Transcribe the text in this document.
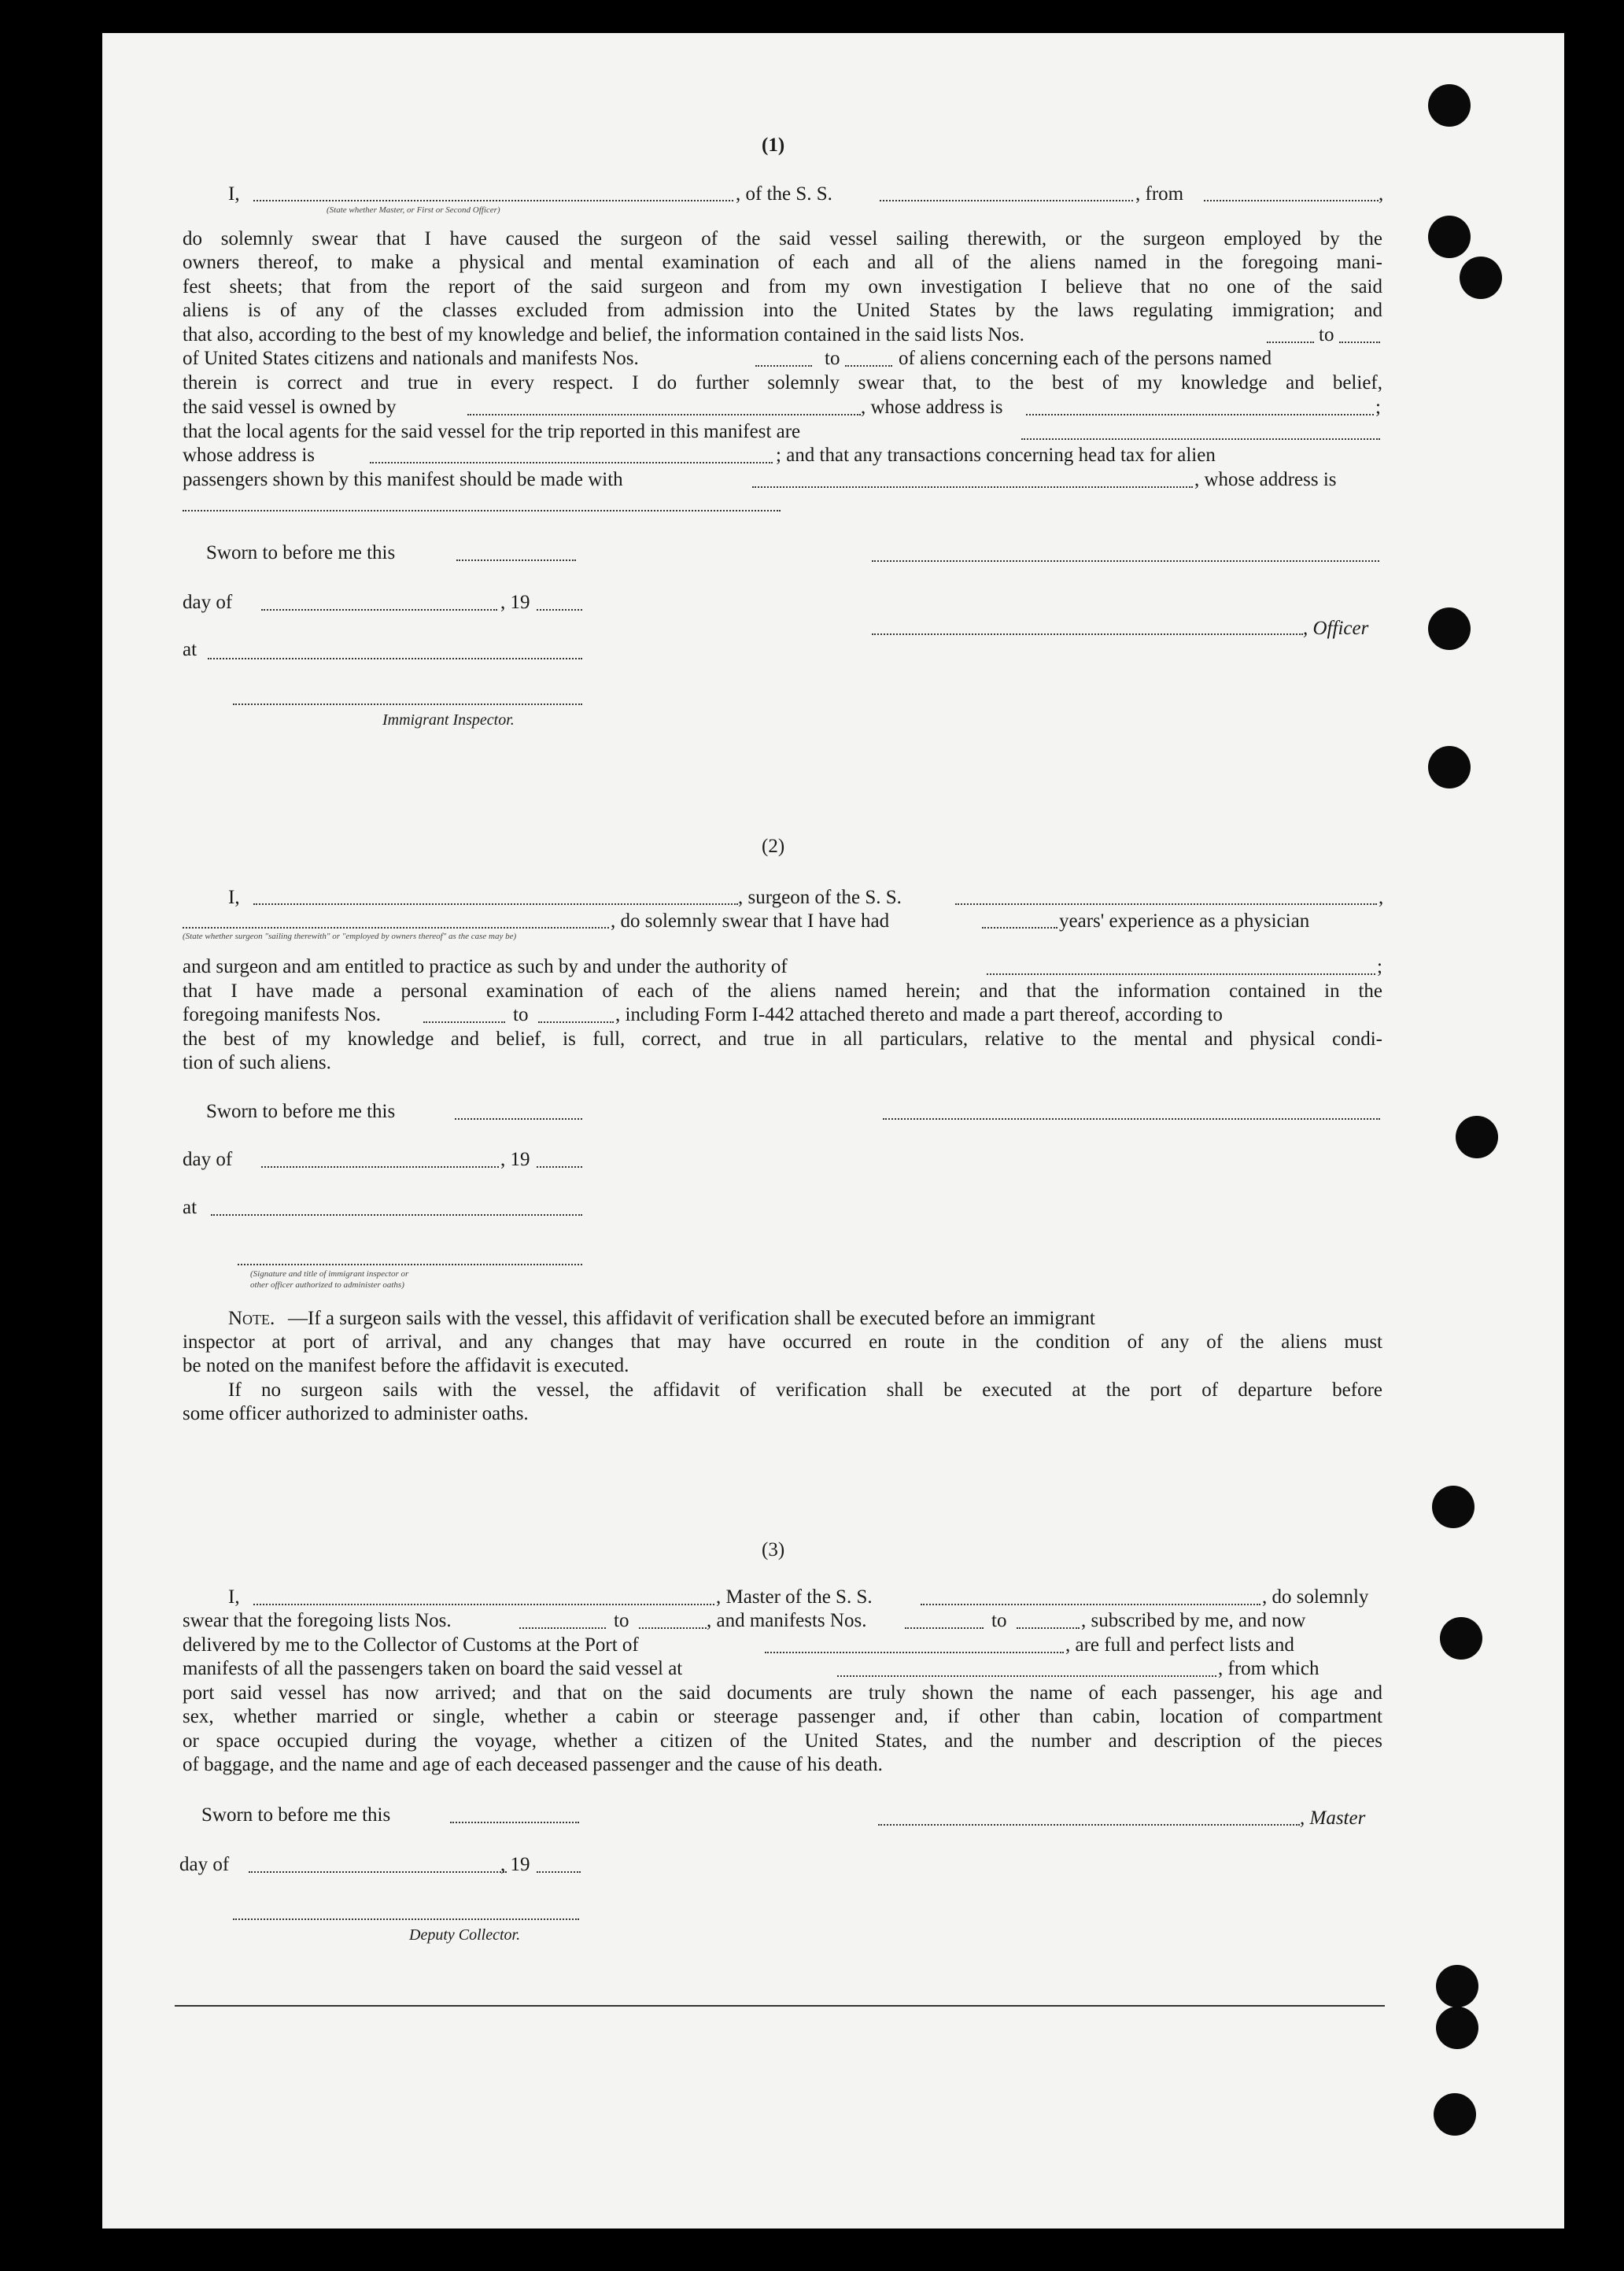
(1)
I,	, of the S. S.	, from	,
(State whether Master, or First or Second Officer)
do solemnly swear that I have caused the surgeon of the said vessel sailing therewith, or the surgeon employed by the
owners thereof, to make a physical and mental examination of each and all of the aliens named in the foregoing mani-
fest sheets; that from the report of the said surgeon and from my own investigation I believe that no one of the said
aliens is of any of the classes excluded from admission into the United States by the laws regulating immigration; and
that also, according to the best of my knowledge and belief, the information contained in the said lists Nos.	to
of United States citizens and nationals and manifests Nos.	to	of aliens concerning each of the persons named
therein is correct and true in every respect. I do further solemnly swear that, to the best of my knowledge and belief,
the said vessel is owned by	, whose address is	;
that the local agents for the said vessel for the trip reported in this manifest are
whose address is	; and that any transactions concerning head tax for alien
passengers shown by this manifest should be made with	, whose address is
Sworn to before me this
day of	, 19
, Officer
at
Immigrant Inspector.
(2)
I,	, surgeon of the S. S.	,
, do solemnly swear that I have had	years' experience as a physician
(State whether surgeon "sailing therewith" or "employed by owners thereof" as the case may be)
and surgeon and am entitled to practice as such by and under the authority of	;
that I have made a personal examination of each of the aliens named herein; and that the information contained in the
foregoing manifests Nos.	to	, including Form I-442 attached thereto and made a part thereof, according to
the best of my knowledge and belief, is full, correct, and true in all particulars, relative to the mental and physical condi-
tion of such aliens.
Sworn to before me this
day of	, 19
at
(Signature and title of immigrant inspector or
other officer authorized to administer oaths)
Note. —If a surgeon sails with the vessel, this affidavit of verification shall be executed before an immigrant
inspector at port of arrival, and any changes that may have occurred en route in the condition of any of the aliens must
be noted on the manifest before the affidavit is executed.
If no surgeon sails with the vessel, the affidavit of verification shall be executed at the port of departure before
some officer authorized to administer oaths.
(3)
I,	, Master of the S. S.	, do solemnly
swear that the foregoing lists Nos.	to	, and manifests Nos.	to	, subscribed by me, and now
delivered by me to the Collector of Customs at the Port of	, are full and perfect lists and
manifests of all the passengers taken on board the said vessel at	, from which
port said vessel has now arrived; and that on the said documents are truly shown the name of each passenger, his age and
sex, whether married or single, whether a cabin or steerage passenger and, if other than cabin, location of compartment
or space occupied during the voyage, whether a citizen of the United States, and the number and description of the pieces
of baggage, and the name and age of each deceased passenger and the cause of his death.
Sworn to before me this	, Master
day of	, 19
Deputy Collector.
